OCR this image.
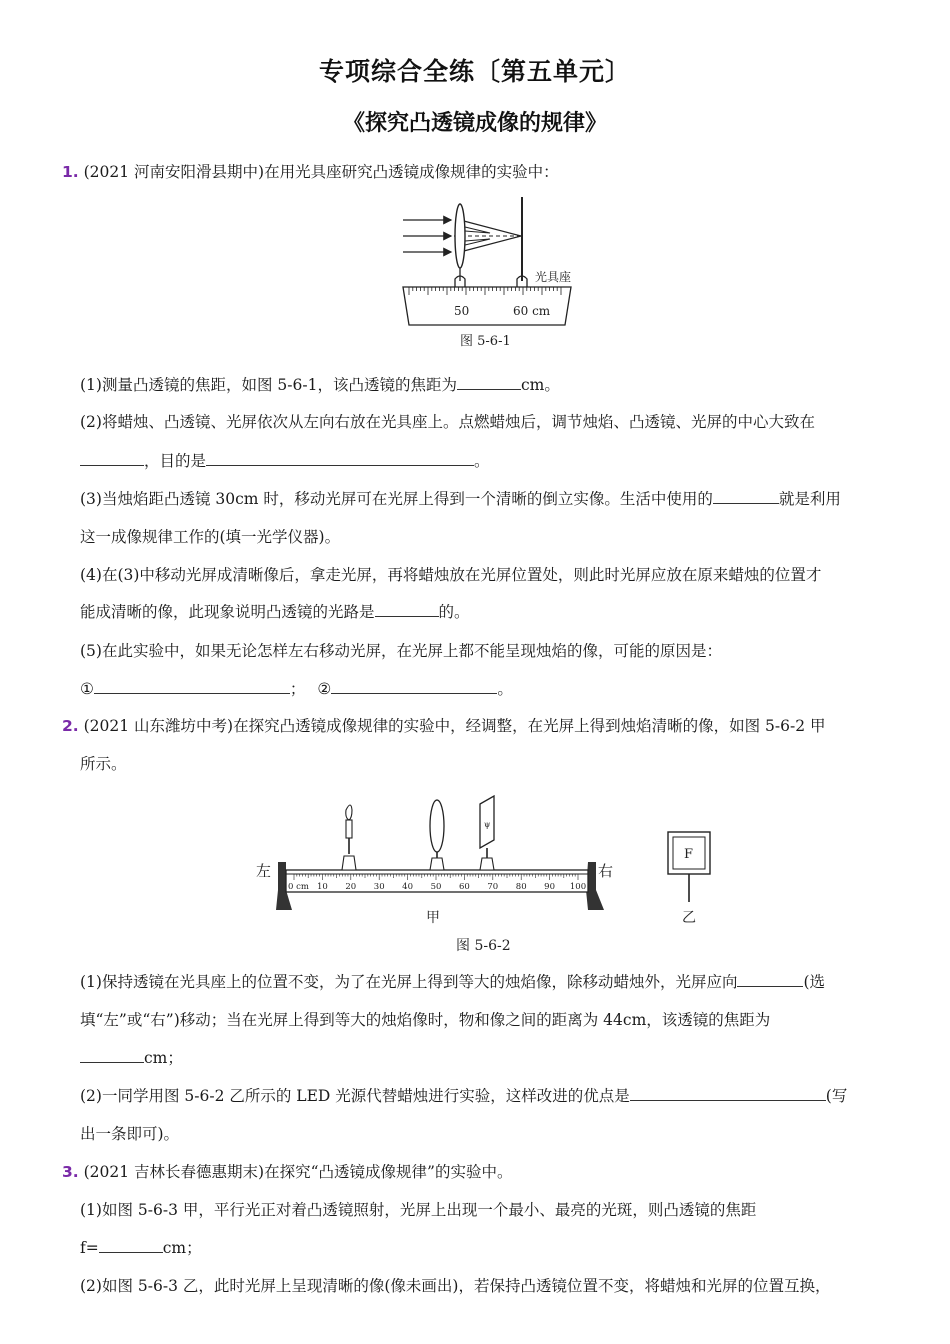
专项综合全练〔第五单元〕
《探究凸透镜成像的规律》
1. (2021 河南安阳滑县期中)在用光具座研究凸透镜成像规律的实验中：
光具座
50	60 cm
图 5-6-1
(1)测量凸透镜的焦距，如图 5-6-1，该凸透镜的焦距为	cm。
(2)将蜡烛、凸透镜、光屏依次从左向右放在光具座上。点燃蜡烛后，调节烛焰、凸透镜、光屏的中心大致在
，目的是	。
(3)当烛焰距凸透镜 30cm 时，移动光屏可在光屏上得到一个清晰的倒立实像。生活中使用的	就是利用
这一成像规律工作的(填一光学仪器)。
(4)在(3)中移动光屏成清晰像后，拿走光屏，再将蜡烛放在光屏位置处，则此时光屏应放在原来蜡烛的位置才
能成清晰的像，此现象说明凸透镜的光路是	的。
(5)在此实验中，如果无论怎样左右移动光屏，在光屏上都不能呈现烛焰的像，可能的原因是：
①	； ②	。
2. (2021 山东潍坊中考)在探究凸透镜成像规律的实验中，经调整，在光屏上得到烛焰清晰的像，如图 5-6-2 甲
所示。
左	右
0 cm 10 20 30 40 50 60 70 80 90 100
ψ
甲
图 5-6-2
F
乙
(1)保持透镜在光具座上的位置不变，为了在光屏上得到等大的烛焰像，除移动蜡烛外，光屏应向	(选
填“左”或“右”)移动；当在光屏上得到等大的烛焰像时，物和像之间的距离为 44cm，该透镜的焦距为
cm；
(2)一同学用图 5-6-2 乙所示的 LED 光源代替蜡烛进行实验，这样改进的优点是	(写
出一条即可)。
3. (2021 吉林长春德惠期末)在探究“凸透镜成像规律”的实验中。
(1)如图 5-6-3 甲，平行光正对着凸透镜照射，光屏上出现一个最小、最亮的光斑，则凸透镜的焦距
f=	cm；
(2)如图 5-6-3 乙，此时光屏上呈现清晰的像(像未画出)，若保持凸透镜位置不变，将蜡烛和光屏的位置互换，
